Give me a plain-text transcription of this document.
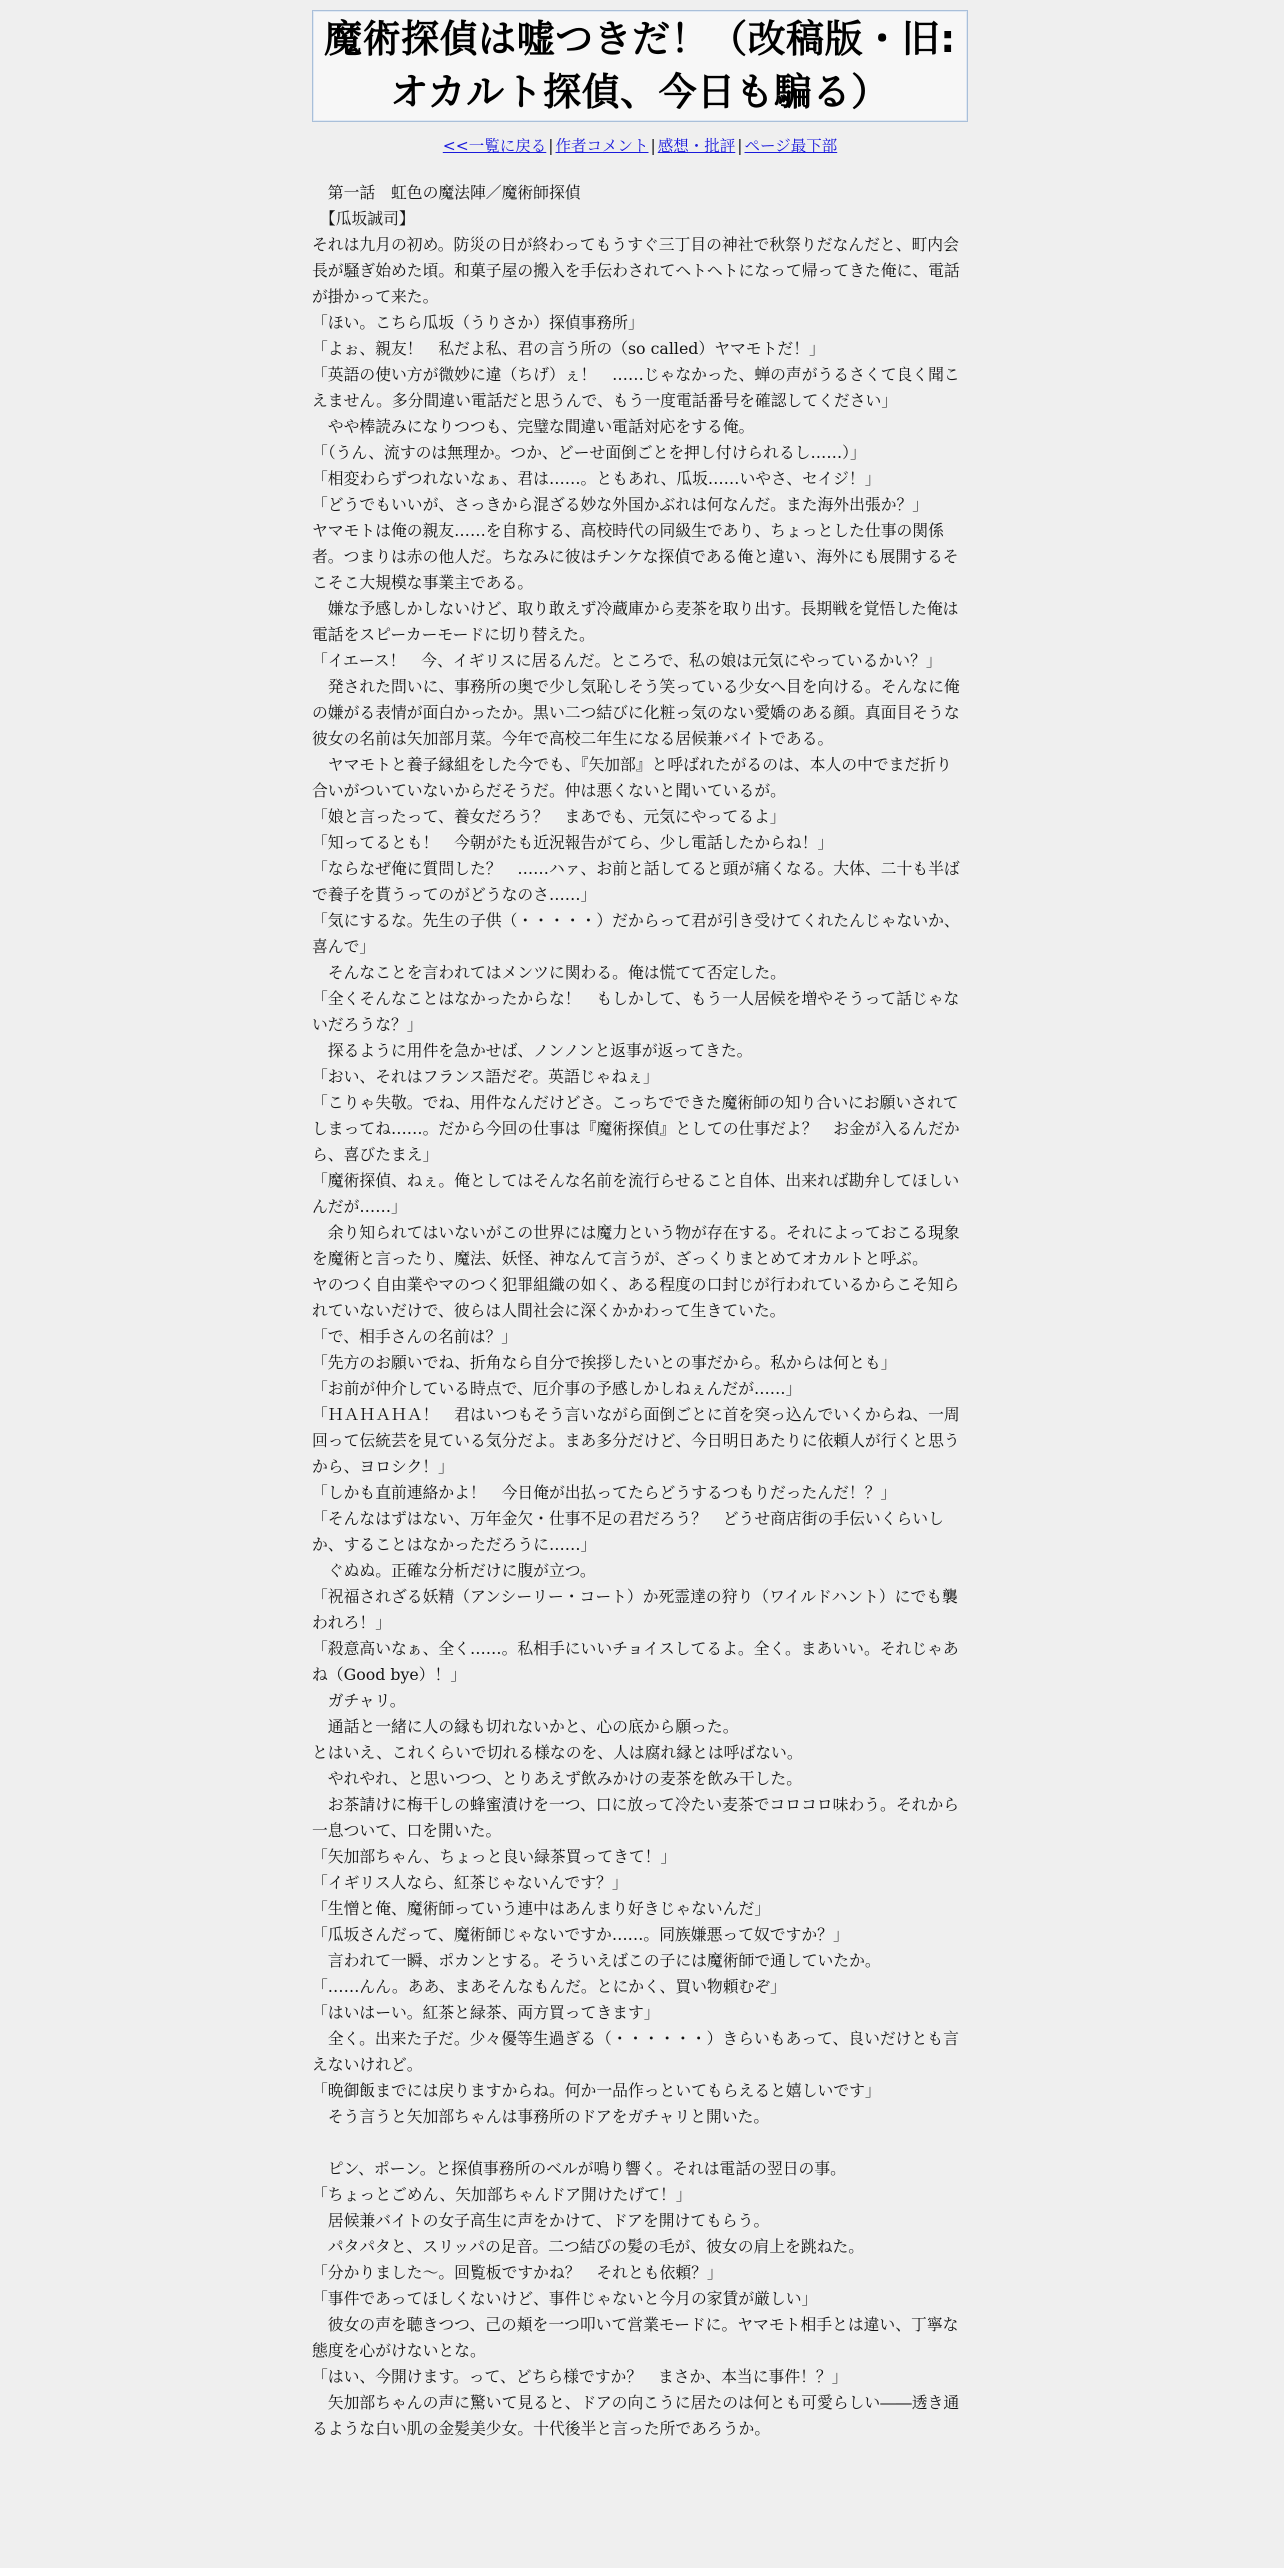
魔術探偵は嘘つきだ！（改稿版・旧:オカルト探偵、今日も騙る）
<<一覧に戻る | 作者コメント | 感想・批評 | ページ最下部

　第一話　虹色の魔法陣／魔術師探偵

　【瓜坂誠司】

それは九月の初め。防災の日が終わってもうすぐ三丁目の神社で秋祭りだなんだと、町内会長が騒ぎ始めた頃。和菓子屋の搬入を手伝わされてヘトヘトになって帰ってきた俺に、電話が掛かって来た。

「ほい。こちら瓜坂（うりさか）探偵事務所」

「よぉ、親友！　私だよ私、君の言う所の（so called）ヤマモトだ！」

「英語の使い方が微妙に違（ちげ）ぇ！　……じゃなかった、蝉の声がうるさくて良く聞こえません。多分間違い電話だと思うんで、もう一度電話番号を確認してください」

　やや棒読みになりつつも、完璧な間違い電話対応をする俺。

「（うん、流すのは無理か。つか、どーせ面倒ごとを押し付けられるし……）」

「相変わらずつれないなぁ、君は……。ともあれ、瓜坂……いやさ、セイジ！」

「どうでもいいが、さっきから混ざる妙な外国かぶれは何なんだ。また海外出張か？」

ヤマモトは俺の親友……を自称する、高校時代の同級生であり、ちょっとした仕事の関係者。つまりは赤の他人だ。ちなみに彼はチンケな探偵である俺と違い、海外にも展開するそこそこ大規模な事業主である。

　嫌な予感しかしないけど、取り敢えず冷蔵庫から麦茶を取り出す。長期戦を覚悟した俺は電話をスピーカーモードに切り替えた。

「イエース！　今、イギリスに居るんだ。ところで、私の娘は元気にやっているかい？」

　発された問いに、事務所の奥で少し気恥しそう笑っている少女へ目を向ける。そんなに俺の嫌がる表情が面白かったか。黒い二つ結びに化粧っ気のない愛嬌のある顔。真面目そうな彼女の名前は矢加部月菜。今年で高校二年生になる居候兼バイトである。

　ヤマモトと養子縁組をした今でも、『矢加部』と呼ばれたがるのは、本人の中でまだ折り合いがついていないからだそうだ。仲は悪くないと聞いているが。

「娘と言ったって、養女だろう？　まあでも、元気にやってるよ」

「知ってるとも！　今朝がたも近況報告がてら、少し電話したからね！」

「ならなぜ俺に質問した？　……ハァ、お前と話してると頭が痛くなる。大体、二十も半ばで養子を貰うってのがどうなのさ……」

「気にするな。先生の子供（・・・・・）だからって君が引き受けてくれたんじゃないか、喜んで」

　そんなことを言われてはメンツに関わる。俺は慌てて否定した。

「全くそんなことはなかったからな！　もしかして、もう一人居候を増やそうって話じゃないだろうな？」

　探るように用件を急かせば、ノンノンと返事が返ってきた。

「おい、それはフランス語だぞ。英語じゃねぇ」

「こりゃ失敬。でね、用件なんだけどさ。こっちでできた魔術師の知り合いにお願いされてしまってね……。だから今回の仕事は『魔術探偵』としての仕事だよ？　お金が入るんだから、喜びたまえ」

「魔術探偵、ねぇ。俺としてはそんな名前を流行らせること自体、出来れば勘弁してほしいんだが……」

　余り知られてはいないがこの世界には魔力という物が存在する。それによっておこる現象を魔術と言ったり、魔法、妖怪、神なんて言うが、ざっくりまとめてオカルトと呼ぶ。

ヤのつく自由業やマのつく犯罪組織の如く、ある程度の口封じが行われているからこそ知られていないだけで、彼らは人間社会に深くかかわって生きていた。

「で、相手さんの名前は？」

「先方のお願いでね、折角なら自分で挨拶したいとの事だから。私からは何とも」

「お前が仲介している時点で、厄介事の予感しかしねぇんだが……」

「ＨＡＨＡＨＡ！　君はいつもそう言いながら面倒ごとに首を突っ込んでいくからね、一周回って伝統芸を見ている気分だよ。まあ多分だけど、今日明日あたりに依頼人が行くと思うから、ヨロシク！」

「しかも直前連絡かよ！　今日俺が出払ってたらどうするつもりだったんだ！？」

「そんなはずはない、万年金欠・仕事不足の君だろう？　どうせ商店街の手伝いくらいしか、することはなかっただろうに……」

　ぐぬぬ。正確な分析だけに腹が立つ。

「祝福されざる妖精（アンシーリー・コート）か死霊達の狩り（ワイルドハント）にでも襲われろ！」

「殺意高いなぁ、全く……。私相手にいいチョイスしてるよ。全く。まあいい。それじゃあね（Good bye）！」

　ガチャリ。

　通話と一緒に人の縁も切れないかと、心の底から願った。

とはいえ、これくらいで切れる様なのを、人は腐れ縁とは呼ばない。

　やれやれ、と思いつつ、とりあえず飲みかけの麦茶を飲み干した。

　お茶請けに梅干しの蜂蜜漬けを一つ、口に放って冷たい麦茶でコロコロ味わう。それから一息ついて、口を開いた。

「矢加部ちゃん、ちょっと良い緑茶買ってきて！」

「イギリス人なら、紅茶じゃないんです？」

「生憎と俺、魔術師っていう連中はあんまり好きじゃないんだ」

「瓜坂さんだって、魔術師じゃないですか……。同族嫌悪って奴ですか？」

　言われて一瞬、ポカンとする。そういえばこの子には魔術師で通していたか。

「……んん。ああ、まあそんなもんだ。とにかく、買い物頼むぞ」

「はいはーい。紅茶と緑茶、両方買ってきます」

　全く。出来た子だ。少々優等生過ぎる（・・・・・・）きらいもあって、良いだけとも言えないけれど。

「晩御飯までには戻りますからね。何か一品作っといてもらえると嬉しいです」

　そう言うと矢加部ちゃんは事務所のドアをガチャリと開いた。

　ピン、ポーン。と探偵事務所のベルが鳴り響く。それは電話の翌日の事。

「ちょっとごめん、矢加部ちゃんドア開けたげて！」

　居候兼バイトの女子高生に声をかけて、ドアを開けてもらう。

　パタパタと、スリッパの足音。二つ結びの髪の毛が、彼女の肩上を跳ねた。

「分かりました～。回覧板ですかね？　それとも依頼？」

「事件であってほしくないけど、事件じゃないと今月の家賃が厳しい」

　彼女の声を聴きつつ、己の頬を一つ叩いて営業モードに。ヤマモト相手とは違い、丁寧な態度を心がけないとな。

「はい、今開けます。って、どちら様ですか？　まさか、本当に事件！？」

　矢加部ちゃんの声に驚いて見ると、ドアの向こうに居たのは何とも可愛らしい――透き通るような白い肌の金髪美少女。十代後半と言った所であろうか。
